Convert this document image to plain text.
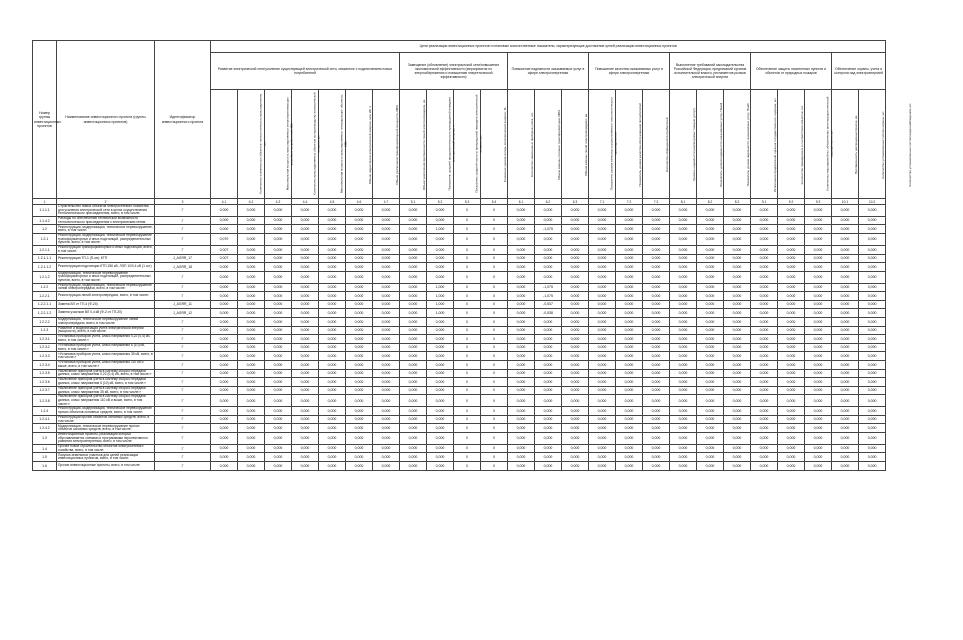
Номер группы инвестиционных проектов	Наименование инвестиционного проекта (группы инвестиционных проектов)	Идентификатор инвестиционного проекта	Цели реализации инвестиционных проектов и плановые количественные показатели, характеризующие достижение целей реализации инвестиционных проектов																								
			Развитие электрической сети/усиление существующей электрической сети, связанное с подключением новых потребителей							Замещение (обновление) электрической сети/повышение экономической эффективности (мероприятия по энергосбережению и повышению энергетической эффективности)				Повышение надежности оказываемых услуг в сфере электроэнергетики			Повышение качества оказываемых услуг в сфере электроэнергетики			Выполнение требований законодательства Российской Федерации, предписаний органов исполнительной власти, регламентов рынков электрической энергии			Обеспечение защиты населенных пунктов и объектов от природных пожаров			Обеспечение охраны, учета и контроля над электроэнергией	
			Количество комплексных объектов технологического присоединения, шт.	Максимальная мощность присоединяемых энергопринимающих устройств потребителей, МВт	Количество присоединяемых объектов по производству электрической энергии, шт.	Максимальная мощность присоединяемых генерирующих объектов, МВт	Объем недоотпуска электрической энергии, млн кВт·ч	Объем увеличения трансформаторной мощности, МВА	Объем увеличения протяженности линий электропередачи, км	Показатель средней продолжительности прекращений передачи электрической энергии, ч	Показатель средней частоты прекращений передачи электрической энергии, шт.	Снижение уровня потерь электрической энергии, %	Количество замененных приборов учета, шт.	Объем замены силовых трансформаторов, МВА	Объем замены линий электропередачи, км	Показатель уровня качества осуществляемого технологического присоединения	Показатель уровня качества обслуживания потребителей	Количество обращений потребителей	Уровень надежности реализуемых товаров (услуг)	Показатель уровня надежности оказываемых услуг, Пsaidi	Показатель уровня надежности оказываемых услуг, Пsaifi	Исполнение предписаний органов государственного надзора, шт.	Количество приведенных в соответствие объектов, шт.	Количество мероприятий по обеспечению антитеррористической защищенности, шт.	Протяженность расчищенных просек, км	Количество установленных систем охраны, шт.	Количество установленных систем видеонаблюдения, шт.
1	2	3	4.1	4.2	4.3	4.4	4.5	4.6	4.7	5.1	5.2	5.3	5.4	6.1	6.2	6.3	7.1	7.2	7.3	8.1	8.2	8.3	9.1	9.2	9.3	10.1	10.2
1.1.1.1	Строительство новых объектов электросетевого хозяйства для усиления электрической сети в целях осуществления технологического присоединения, всего, в том числе:	Г	0,000	0,000	0,000	0,000	0,000	0,000	0,000	0,000	0,000	0	0	0,000	0,000	0,000	0,000	0,000	0,000	0,000	0,000	0,000	0,000	0,000	0,000	0,000	0,000
1.1.4.2	Расходы по обеспечению технической возможности технологического присоединения к электрическим сетям	Г	0,000	0,000	0,000	0,000	0,000	0,000	0,000	0,000	0,000	0	0	0,000	0,000	0,000	0,000	0,000	0,000	0,000	0,000	0,000	0,000	0,000	0,000	0,000	0,000
1.2	Реконструкция, модернизация, техническое перевооружение, всего, в том числе:	Г	0,000	0,000	0,000	0,000	0,000	0,000	0,000	0,000	1,000	0	0	0,000	-1,075	0,000	0,000	0,000	0,000	0,000	0,000	0,000	0,000	0,000	0,000	0,000	0,000
1.2.1	Реконструкция, модернизация, техническое перевооружение трансформаторных и иных подстанций, распределительных пунктов, всего, в том числе:	Г	0,070	0,000	0,000	0,000	0,000	0,000	0,000	0,000	0,000	0	0	0,000	0,000	0,000	0,000	0,000	0,000	0,000	0,000	0,000	0,000	0,000	0,000	0,000	0,000
1.2.1.1	Реконструкция трансформаторных и иных подстанций, всего, в том числе:	Г	0,007	0,000	0,000	0,000	0,000	0,000	0,000	0,000	0,000	0	0	0,000	0,000	0,000	0,000	0,000	0,000	0,000	0,000	0,000	0,000	0,000	0,000	0,000	0,000
1.2.1.1.1	Реконструкция ТП-1 (П-ов), КТП	J_AGRR_17	0,007	0,000	0,000	0,000	0,000	0,000	0,000	0,000	0,000	0	0	0,000	0,000	0,000	0,000	0,000	0,000	0,000	0,000	0,000	0,000	0,000	0,000	0,000	0,000
1.2.1.1.2	Реконструкция подстанции КТП-250 кВ, ЛЭП 10/0,4 кВ (1 шт.)	J_AGRR_18	0,000	0,000	0,000	0,000	0,000	0,000	0,000	0,000	0,000	0	0	0,000	0,000	0,000	0,000	0,000	0,000	0,000	0,000	0,000	0,000	0,000	0,000	0,000	0,000
1.2.1.2	Модернизация, техническое перевооружение трансформаторных и иных подстанций, распределительных пунктов, всего, в том числе:	Г	0,000	0,000	0,000	0,000	0,000	0,000	0,000	0,000	0,000	0	0	0,000	0,000	0,000	0,000	0,000	0,000	0,000	0,000	0,000	0,000	0,000	0,000	0,000	0,000
1.2.2	Реконструкция, модернизация, техническое перевооружение линий электропередачи, всего, в том числе:	Г	0,000	0,000	0,000	0,000	0,000	0,000	0,000	0,000	1,000	0	0	0,000	-1,075	0,000	0,000	0,000	0,000	0,000	0,000	0,000	0,000	0,000	0,000	0,000	0,000
1.2.2.1	Реконструкция линий электропередачи, всего, в том числе:	Г	0,000	0,000	0,000	0,000	0,000	0,000	0,000	0,000	1,000	0	0	0,000	-1,075	0,000	0,000	0,000	0,000	0,000	0,000	0,000	0,000	0,000	0,000	0,000	0,000
1.2.2.1.1	Замена ВЛ от ТП-4 (Ф-24)	J_AGRR_11	0,000	0,000	0,000	0,000	0,000	0,000	0,000	0,000	1,000	0	0	0,000	-0,537	0,000	0,000	0,000	0,000	0,000	0,000	0,000	0,000	0,000	0,000	0,000	0,000
1.2.2.1.2	Замена участков ВЛ 0,4 кВ (Ф-2 от ТП-20)	J_AGRR_12	0,000	0,000	0,000	0,000	0,000	0,000	0,000	0,000	1,000	0	0	0,000	-0,538	0,000	0,000	0,000	0,000	0,000	0,000	0,000	0,000	0,000	0,000	0,000	0,000
1.2.2.2	Модернизация, техническое перевооружение линий электропередачи, всего, в том числе:	Г	0,000	0,000	0,000	0,000	0,000	0,000	0,000	0,000	0,000	0	0	0,000	0,000	0,000	0,000	0,000	0,000	0,000	0,000	0,000	0,000	0,000	0,000	0,000	0,000
1.2.3	Развитие и модернизация учета электрической энергии (мощности), всего, в том числе:	Г	0,000	0,000	0,000	0,000	0,000	0,000	0,000	0,000	0,000	0	0	0,000	0,000	0,000	0,000	0,000	0,000	0,000	0,000	0,000	0,000	0,000	0,000	0,000	0,000
1.2.3.1	«Установка приборов учета, класс напряжения 0,22 (0,4) кВ, всего, в том числе:»	Г	0,000	0,000	0,000	0,000	0,000	0,000	0,000	0,000	0,000	0	0	0,000	0,000	0,000	0,000	0,000	0,000	0,000	0,000	0,000	0,000	0,000	0,000	0,000	0,000
1.2.3.2	«Установка приборов учета, класс напряжения 6 (10) кВ, всего, в том числе:»	Г	0,000	0,000	0,000	0,000	0,000	0,000	0,000	0,000	0,000	0	0	0,000	0,000	0,000	0,000	0,000	0,000	0,000	0,000	0,000	0,000	0,000	0,000	0,000	0,000
1.2.3.3	«Установка приборов учета, класс напряжения 35 кВ, всего, в том числе:»	Г	0,000	0,000	0,000	0,000	0,000	0,000	0,000	0,000	0,000	0	0	0,000	0,000	0,000	0,000	0,000	0,000	0,000	0,000	0,000	0,000	0,000	0,000	0,000	0,000
1.2.3.4	«Установка приборов учета, класс напряжения 110 кВ и выше, всего, в том числе:»	Г	0,000	0,000	0,000	0,000	0,000	0,000	0,000	0,000	0,000	0	0	0,000	0,000	0,000	0,000	0,000	0,000	0,000	0,000	0,000	0,000	0,000	0,000	0,000	0,000
1.2.3.5	«Включение приборов учета в систему сбора и передачи данных, класс напряжения 0,22 (0,4) кВ, всего, в том числе:»	Г	0,000	0,000	0,000	0,000	0,000	0,000	0,000	0,000	0,000	0	0	0,000	0,000	0,000	0,000	0,000	0,000	0,000	0,000	0,000	0,000	0,000	0,000	0,000	0,000
1.2.3.6	«Включение приборов учета в систему сбора и передачи данных, класс напряжения 6 (10) кВ, всего, в том числе:»	Г	0,000	0,000	0,000	0,000	0,000	0,000	0,000	0,000	0,000	0	0	0,000	0,000	0,000	0,000	0,000	0,000	0,000	0,000	0,000	0,000	0,000	0,000	0,000	0,000
1.2.3.7	«Включение приборов учета в систему сбора и передачи данных, класс напряжения 35 кВ, всего, в том числе:»	Г	0,000	0,000	0,000	0,000	0,000	0,000	0,000	0,000	0,000	0	0	0,000	0,000	0,000	0,000	0,000	0,000	0,000	0,000	0,000	0,000	0,000	0,000	0,000	0,000
1.2.3.8	«Включение приборов учета в систему сбора и передачи данных, класс напряжения 110 кВ и выше, всего, в том числе:»	Г	0,000	0,000	0,000	0,000	0,000	0,000	0,000	0,000	0,000	0	0	0,000	0,000	0,000	0,000	0,000	0,000	0,000	0,000	0,000	0,000	0,000	0,000	0,000	0,000
1.2.4	Реконструкция, модернизация, техническое перевооружение прочих объектов основных средств, всего, в том числе:	Г	0,000	0,000	0,000	0,000	0,000	0,000	0,000	0,000	0,000	0	0	0,000	0,000	0,000	0,000	0,000	0,000	0,000	0,000	0,000	0,000	0,000	0,000	0,000	0,000
1.2.4.1	Реконструкция прочих объектов основных средств, всего, в том числе:	Г	0,000	0,000	0,000	0,000	0,000	0,000	0,000	0,000	0,000	0	0	0,000	0,000	0,000	0,000	0,000	0,000	0,000	0,000	0,000	0,000	0,000	0,000	0,000	0,000
1.2.4.2	Модернизация, техническое перевооружение прочих объектов основных средств, всего, в том числе:	Г	0,000	0,000	0,000	0,000	0,000	0,000	0,000	0,000	0,000	0	0	0,000	0,000	0,000	0,000	0,000	0,000	0,000	0,000	0,000	0,000	0,000	0,000	0,000	0,000
1.3	Инвестиционные проекты, реализация которых обуславливается схемами и программами перспективного развития электроэнергетики, всего, в том числе:	Г	0,000	0,000	0,000	0,000	0,000	0,000	0,000	0,000	0,000	0	0	0,000	0,000	0,000	0,000	0,000	0,000	0,000	0,000	0,000	0,000	0,000	0,000	0,000	0,000
1.4	Прочее новое строительство объектов электросетевого хозяйства, всего, в том числе:	Г	0,000	0,000	0,000	0,000	0,000	0,000	0,000	0,000	0,000	0	0	0,000	0,000	0,000	0,000	0,000	0,000	0,000	0,000	0,000	0,000	0,000	0,000	0,000	0,000
1.5	Покупка земельных участков для целей реализации инвестиционных проектов, всего, в том числе:	Г	0,000	0,000	0,000	0,000	0,000	0,000	0,000	0,000	0,000	0	0	0,000	0,000	0,000	0,000	0,000	0,000	0,000	0,000	0,000	0,000	0,000	0,000	0,000	0,000
1.6	Прочие инвестиционные проекты, всего, в том числе:	Г	0,000	0,000	0,000	0,000	0,000	0,000	0,000	0,000	0,000	0	0	0,000	0,000	0,000	0,000	0,000	0,000	0,000	0,000	0,000	0,000	0,000	0,000	0,000	0,000
